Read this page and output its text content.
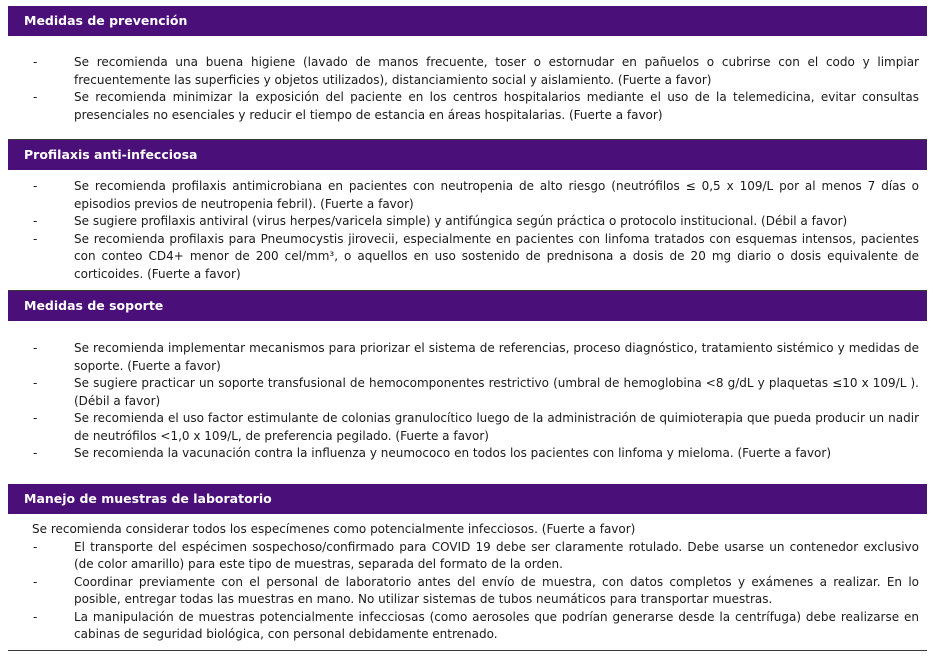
Medidas de prevención
-	Se recomienda una buena higiene (lavado de manos frecuente, toser o estornudar en pañuelos o cubrirse con el codo y limpiar frecuentemente las superficies y objetos utilizados), distanciamiento social y aislamiento. (Fuerte a favor)
-	Se recomienda minimizar la exposición del paciente en los centros hospitalarios mediante el uso de la telemedicina, evitar consultas presenciales no esenciales y reducir el tiempo de estancia en áreas hospitalarias. (Fuerte a favor)
Profilaxis anti-infecciosa
-	Se recomienda profilaxis antimicrobiana en pacientes con neutropenia de alto riesgo (neutrófilos ≤ 0,5 x 109/L por al menos 7 días o episodios previos de neutropenia febril). (Fuerte a favor)
-	Se sugiere profilaxis antiviral (virus herpes/varicela simple) y antifúngica según práctica o protocolo institucional. (Débil a favor)
-	Se recomienda profilaxis para Pneumocystis jirovecii, especialmente en pacientes con linfoma tratados con esquemas intensos, pacientes con conteo CD4+ menor de 200 cel/mm³, o aquellos en uso sostenido de prednisona a dosis de 20 mg diario o dosis equivalente de corticoides. (Fuerte a favor)
Medidas de soporte
-	Se recomienda implementar mecanismos para priorizar el sistema de referencias, proceso diagnóstico, tratamiento sistémico y medidas de soporte. (Fuerte a favor)
-	Se sugiere practicar un soporte transfusional de hemocomponentes restrictivo (umbral de hemoglobina <8 g/dL y plaquetas ≤10 x 109/L ). (Débil a favor)
-	Se recomienda el uso factor estimulante de colonias granulocítico luego de la administración de quimioterapia que pueda producir un nadir de neutrófilos <1,0 x 109/L, de preferencia pegilado. (Fuerte a favor)
-	Se recomienda la vacunación contra la influenza y neumococo en todos los pacientes con linfoma y mieloma. (Fuerte a favor)
Manejo de muestras de laboratorio
Se recomienda considerar todos los especímenes como potencialmente infecciosos. (Fuerte a favor)
-	El transporte del espécimen sospechoso/confirmado para COVID 19 debe ser claramente rotulado. Debe usarse un contenedor exclusivo (de color amarillo) para este tipo de muestras, separada del formato de la orden.
-	Coordinar previamente con el personal de laboratorio antes del envío de muestra, con datos completos y exámenes a realizar. En lo posible, entregar todas las muestras en mano. No utilizar sistemas de tubos neumáticos para transportar muestras.
-	La manipulación de muestras potencialmente infecciosas (como aerosoles que podrían generarse desde la centrífuga) debe realizarse en cabinas de seguridad biológica, con personal debidamente entrenado.
